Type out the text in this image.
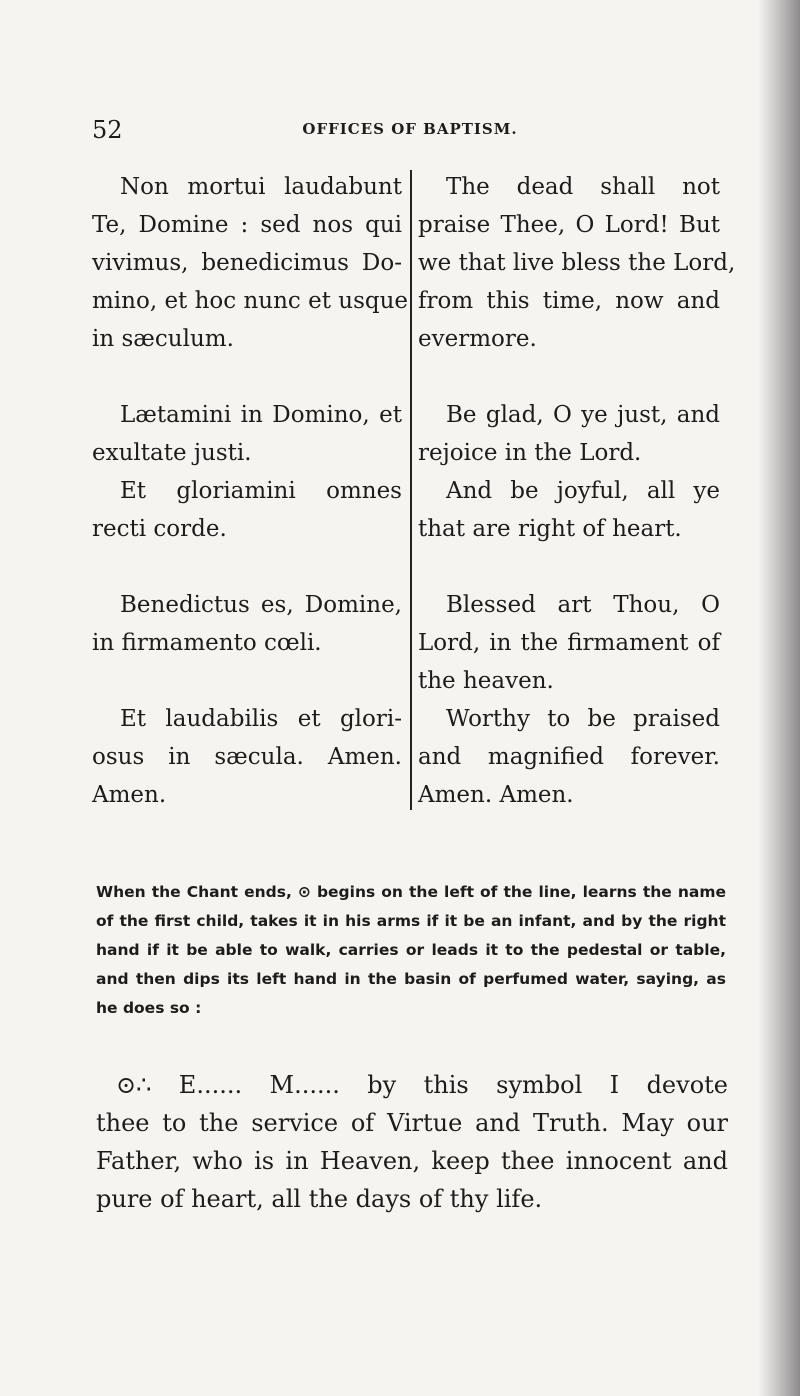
52	OFFICES OF BAPTISM.
Non mortui laudabunt
Te, Domine : sed nos qui
vivimus, benedicimus Do-
mino, et hoc nunc et usque
in sæculum.
Lætamini in Domino, et
exultate justi.
Et gloriamini omnes
recti corde.
Benedictus es, Domine,
in firmamento cœli.
Et laudabilis et glori-
osus in sæcula. Amen.
Amen.
The dead shall not
praise Thee, O Lord! But
we that live bless the Lord,
from this time, now and
evermore.
Be glad, O ye just, and
rejoice in the Lord.
And be joyful, all ye
that are right of heart.
Blessed art Thou, O
Lord, in the firmament of
the heaven.
Worthy to be praised
and magnified forever.
Amen. Amen.
When the Chant ends, ⊙ begins on the left of the line, learns the name of the first child, takes it in his arms if it be an infant, and by the right hand if it be able to walk, carries or leads it to the pedestal or table, and then dips its left hand in the basin of perfumed water, saying, as he does so :
⊙∴ E...... M...... by this symbol I devote
thee to the service of Virtue and Truth. May our
Father, who is in Heaven, keep thee innocent and
pure of heart, all the days of thy life.
